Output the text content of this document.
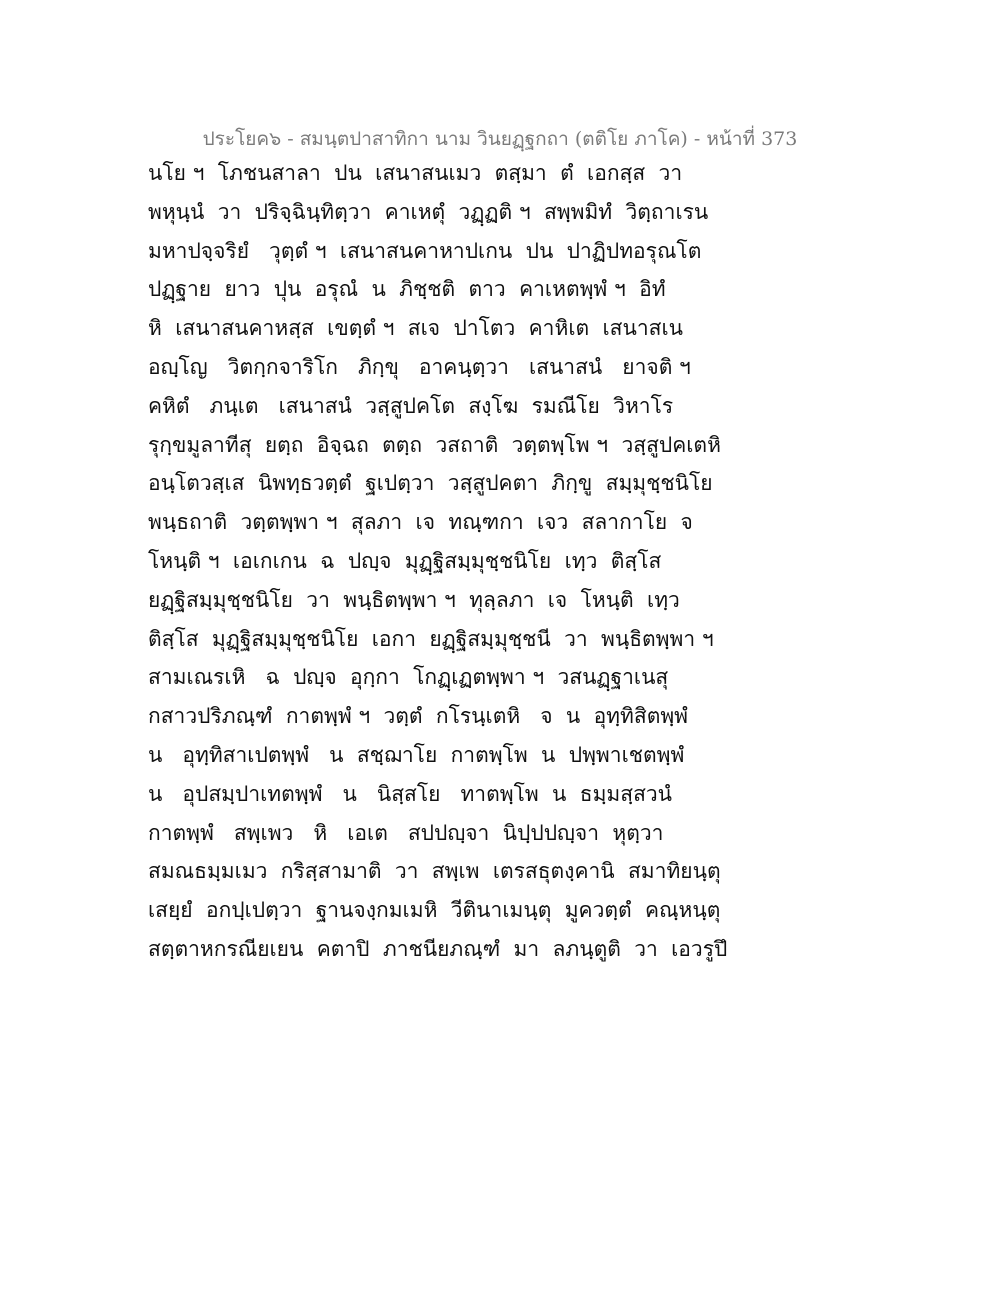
ประโยค๖ - สมนฺตปาสาทิกา นาม วินยฏฺฐกถา (ตติโย ภาโค) - หน้าที่ 373
นโย ฯ  โภชนสาลา  ปน  เสนาสนเมว  ตสฺมา  ตํ  เอกสฺส  วา
พหุนฺนํ  วา  ปริจฺฉินฺทิตฺวา  คาเหตุํ  วฏฺฏติ ฯ  สพฺพมิทํ  วิตฺถาเรน
มหาปจฺจริยํ   วุตฺตํ ฯ  เสนาสนคาหาปเกน  ปน  ปาฏิปทอรุณโต
ปฏฺฐาย  ยาว  ปุน  อรุณํ  น  ภิชฺชติ  ตาว  คาเหตพฺพํ ฯ  อิทํ
หิ  เสนาสนคาหสฺส  เขตฺตํ ฯ  สเจ  ปาโตว  คาหิเต  เสนาสเน
อญฺโญ   วิตกฺกจาริโก   ภิกฺขุ   อาคนฺตฺวา   เสนาสนํ   ยาจติ ฯ
คหิตํ   ภนฺเต   เสนาสนํ  วสฺสูปคโต  สงฺโฆ  รมณีโย  วิหาโร
รุกฺขมูลาทีสุ  ยตฺถ  อิจฺฉถ  ตตฺถ  วสถาติ  วตฺตพฺโพ ฯ  วสฺสูปคเตหิ
อนฺโตวสฺเส  นิพทฺธวตฺตํ  ฐเปตฺวา  วสฺสูปคตา  ภิกฺขู  สมฺมุชฺชนิโย
พนฺธถาติ  วตฺตพฺพา ฯ  สุลภา  เจ  ทณฺฑกา  เจว  สลากาโย  จ
โหนฺติ ฯ  เอเกเกน  ฉ  ปญฺจ  มุฏฺฐิสมฺมุชฺชนิโย  เทฺว  ติสฺโส
ยฏฺฐิสมฺมุชฺชนิโย  วา  พนฺธิตพฺพา ฯ  ทุลฺลภา  เจ  โหนฺติ  เทฺว
ติสฺโส  มุฏฺฐิสมฺมุชฺชนิโย  เอกา  ยฏฺฐิสมฺมุชฺชนี  วา  พนฺธิตพฺพา ฯ
สามเณรเหิ   ฉ  ปญฺจ  อุกฺกา  โกฏฺเฏตพฺพา ฯ  วสนฏฺฐาเนสุ
กสาวปริภณฺฑํ  กาตพฺพํ ฯ  วตฺตํ  กโรนฺเตหิ   จ  น  อุทฺทิสิตพฺพํ
น   อุทฺทิสาเปตพฺพํ   น  สชฺฌาโย  กาตพฺโพ  น  ปพฺพาเชตพฺพํ
น   อุปสมฺปาเทตพฺพํ   น   นิสฺสโย   ทาตพฺโพ  น  ธมฺมสฺสวนํ
กาตพฺพํ   สพฺเพว   หิ   เอเต   สปปญฺจา  นิปฺปปญฺจา  หุตฺวา
สมณธมฺมเมว  กริสฺสามาติ  วา  สพฺเพ  เตรสธุตงฺคานิ  สมาทิยนฺตุ
เสยฺยํ  อกปฺเปตฺวา  ฐานจงฺกมเมหิ  วีตินาเมนฺตุ  มูควตฺตํ  คณฺหนฺตุ
สตฺตาหกรณียเยน  คตาปิ  ภาชนียภณฺฑํ  มา  ลภนฺตูติ  วา  เอวรูปึ
